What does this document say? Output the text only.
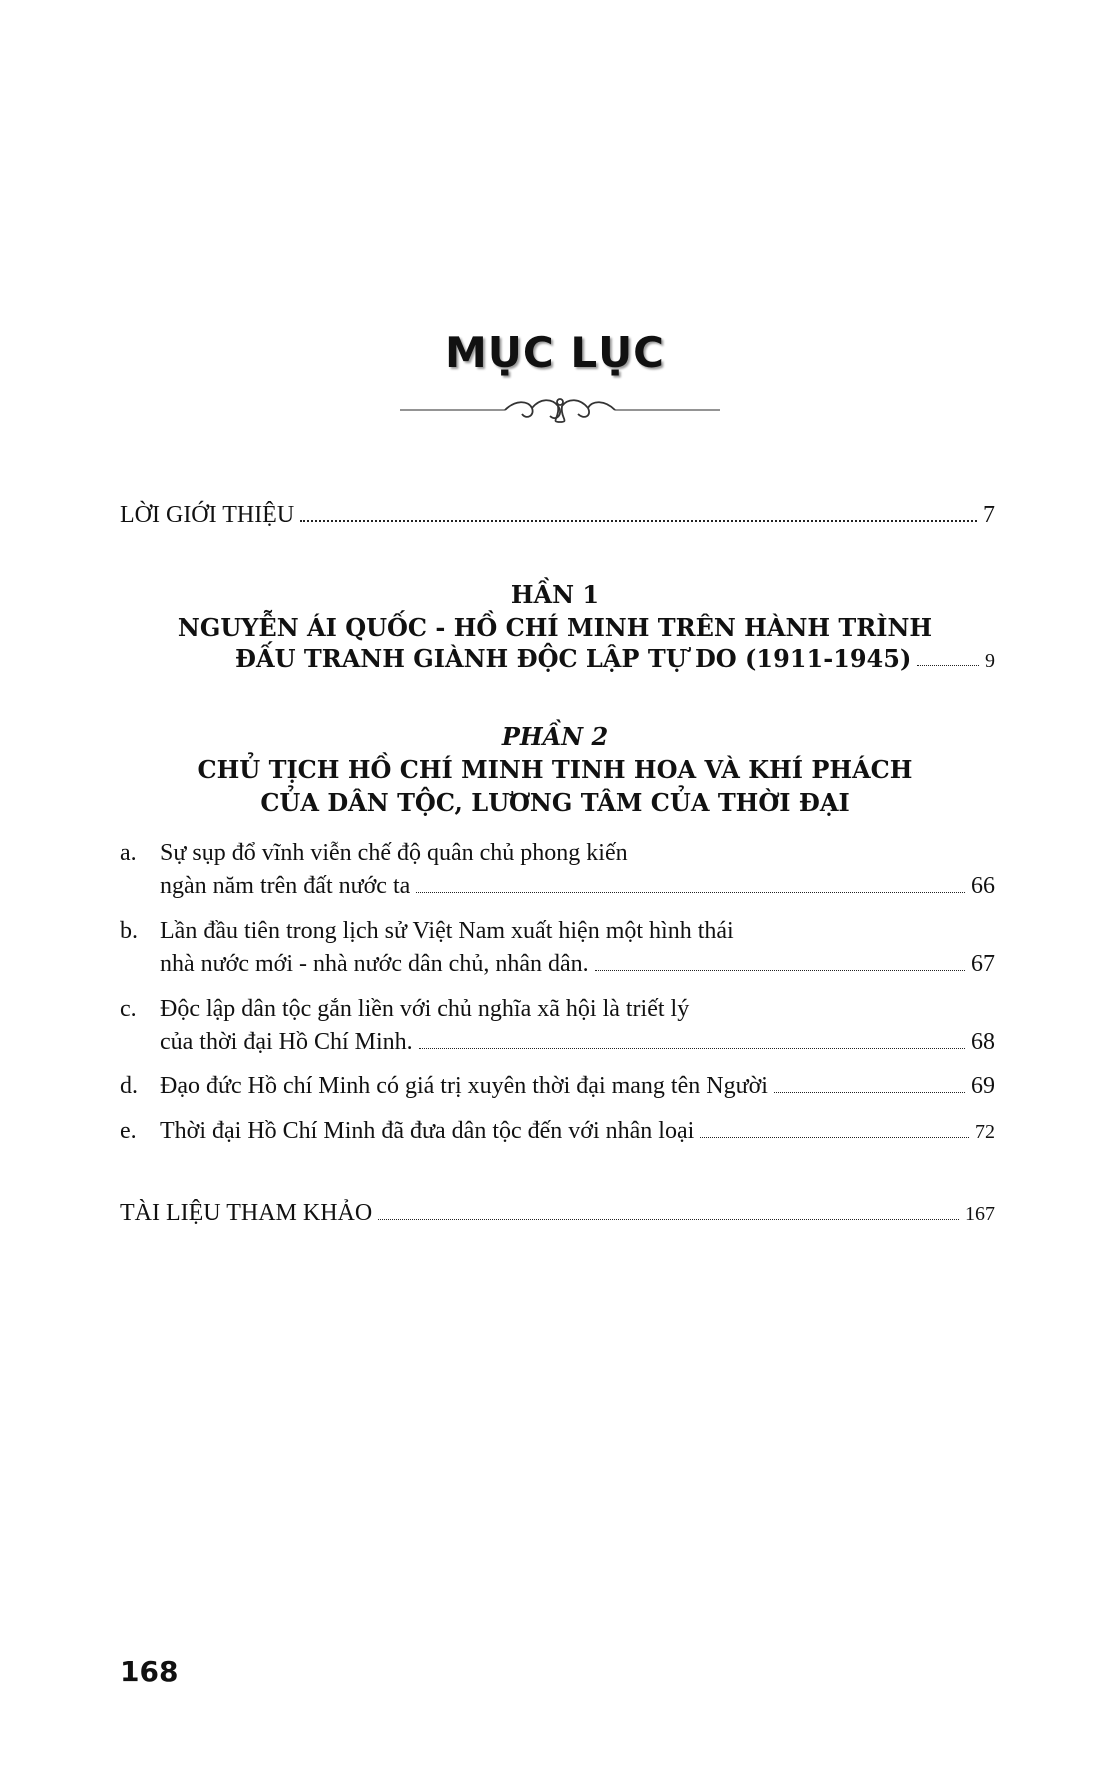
MỤC LỤC
LỜI GIỚI THIỆU	7
HẦN 1
NGUYỄN ÁI QUỐC - HỒ CHÍ MINH TRÊN HÀNH TRÌNH
ĐẤU TRANH GIÀNH ĐỘC LẬP TỰ DO (1911-1945)	9
PHẦN 2
CHỦ TỊCH HỒ CHÍ MINH TINH HOA VÀ KHÍ PHÁCH
CỦA DÂN TỘC, LƯƠNG TÂM CỦA THỜI ĐẠI
a. Sự sụp đổ vĩnh viễn chế độ quân chủ phong kiến
ngàn năm trên đất nước ta	66
b. Lần đầu tiên trong lịch sử Việt Nam xuất hiện một hình thái
nhà nước mới - nhà nước dân chủ, nhân dân.	67
c. Độc lập dân tộc gắn liền với chủ nghĩa xã hội là triết lý
của thời đại Hồ Chí Minh.	68
d. Đạo đức Hồ chí Minh có giá trị xuyên thời đại mang tên Người	69
e. Thời đại Hồ Chí Minh đã đưa dân tộc đến với nhân loại	72
TÀI LIỆU THAM KHẢO	167
168
